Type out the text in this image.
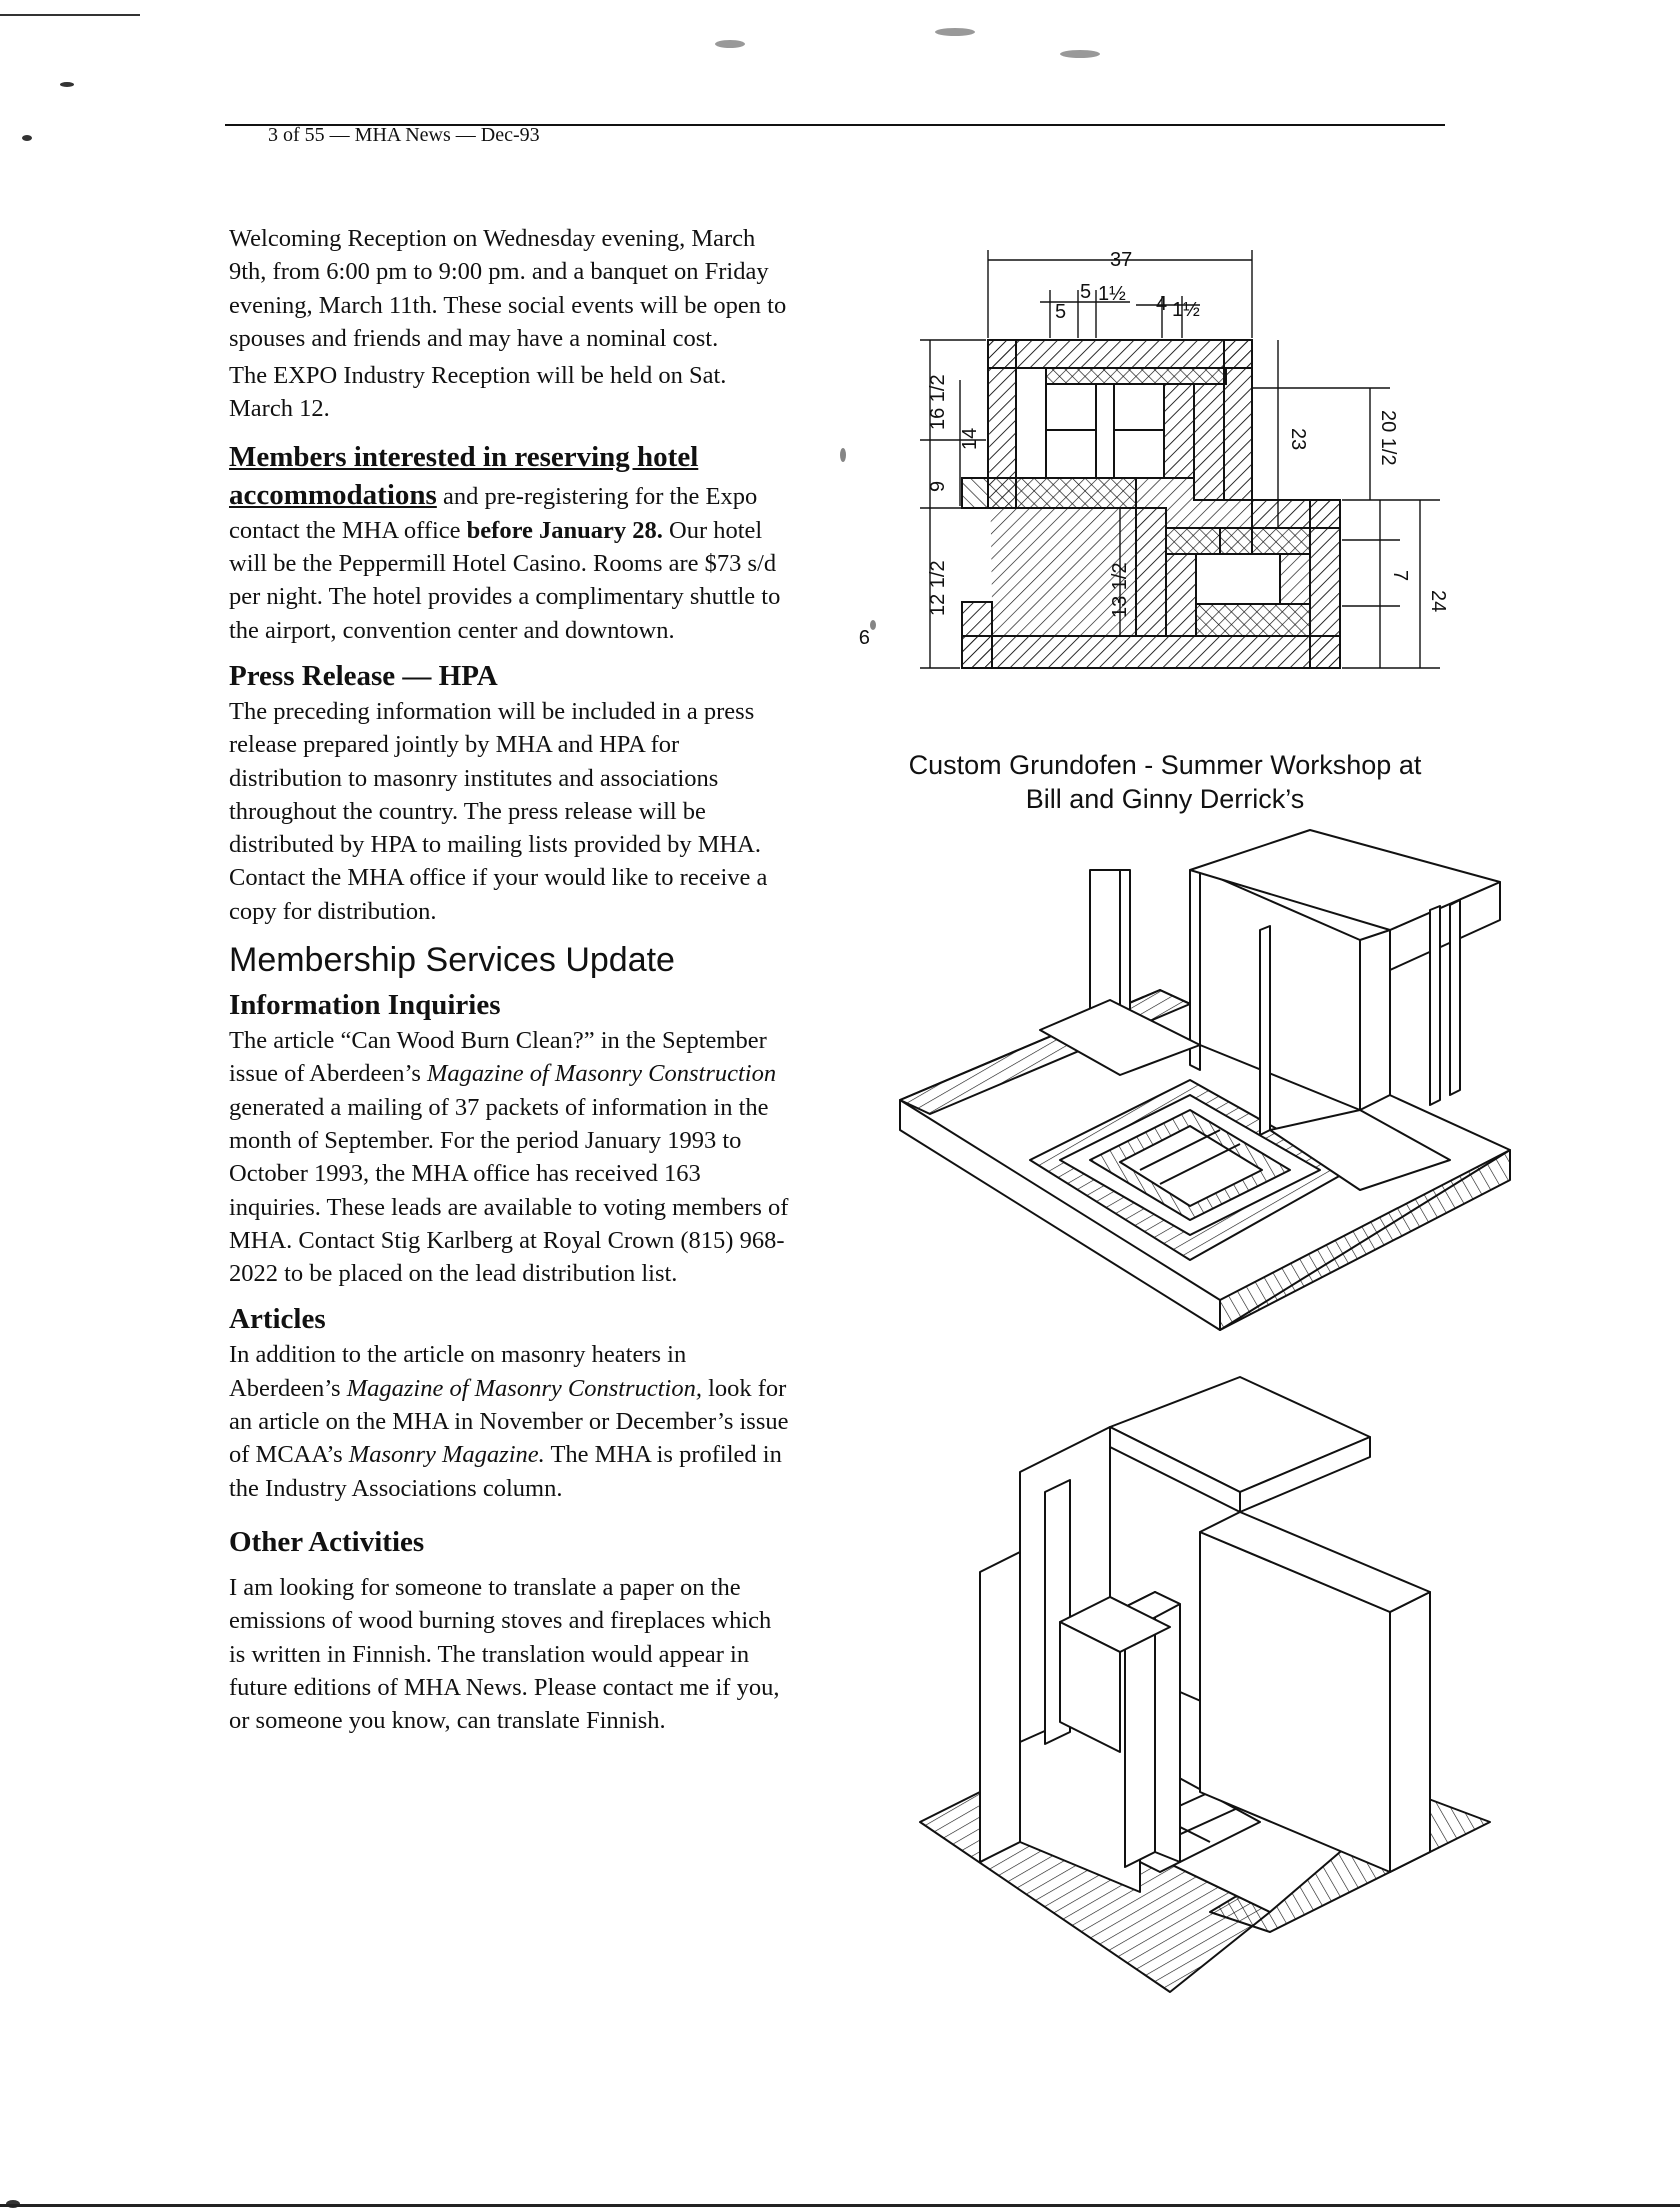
3 of 55 — MHA News — Dec-93

Welcoming Reception on Wednesday evening, March 9th, from 6:00 pm to 9:00 pm. and a banquet on Friday evening, March 11th. These social events will be open to spouses and friends and may have a nominal cost.

The EXPO Industry Reception will be held on Sat. March 12.

Members interested in reserving hotel accommodations and pre-registering for the Expo contact the MHA office before January 28. Our hotel will be the Peppermill Hotel Casino. Rooms are $73 s/d per night. The hotel provides a complimentary shuttle to the airport, convention center and downtown.

Press Release — HPA

The preceding information will be included in a press release prepared jointly by MHA and HPA for distribution to masonry institutes and associations throughout the country. The press release will be distributed by HPA to mailing lists provided by MHA. Contact the MHA office if your would like to receive a copy for distribution.

Membership Services Update
Information Inquiries

The article “Can Wood Burn Clean?” in the September issue of Aberdeen’s Magazine of Masonry Construction generated a mailing of 37 packets of information in the month of September. For the period January 1993 to October 1993, the MHA office has received 163 inquiries. These leads are available to voting members of MHA. Contact Stig Karlberg at Royal Crown (815) 968-2022 to be placed on the lead distribution list.

Articles

In addition to the article on masonry heaters in Aberdeen’s Magazine of Masonry Construction, look for an article on the MHA in November or December’s issue of MCAA’s Masonry Magazine. The MHA is profiled in the Industry Associations column.

Other Activities

I am looking for someone to translate a paper on the emissions of wood burning stoves and fireplaces which is written in Finnish. The translation would appear in future editions of MHA News. Please contact me if you, or someone you know, can translate Finnish.

37
5
5 1½ 4 1½
16 1/2
14	23	20 1/2
9
12 1/2	13 1/2	7
24
9
Custom Grundofen - Summer Workshop at
Bill and Ginny Derrick’s
